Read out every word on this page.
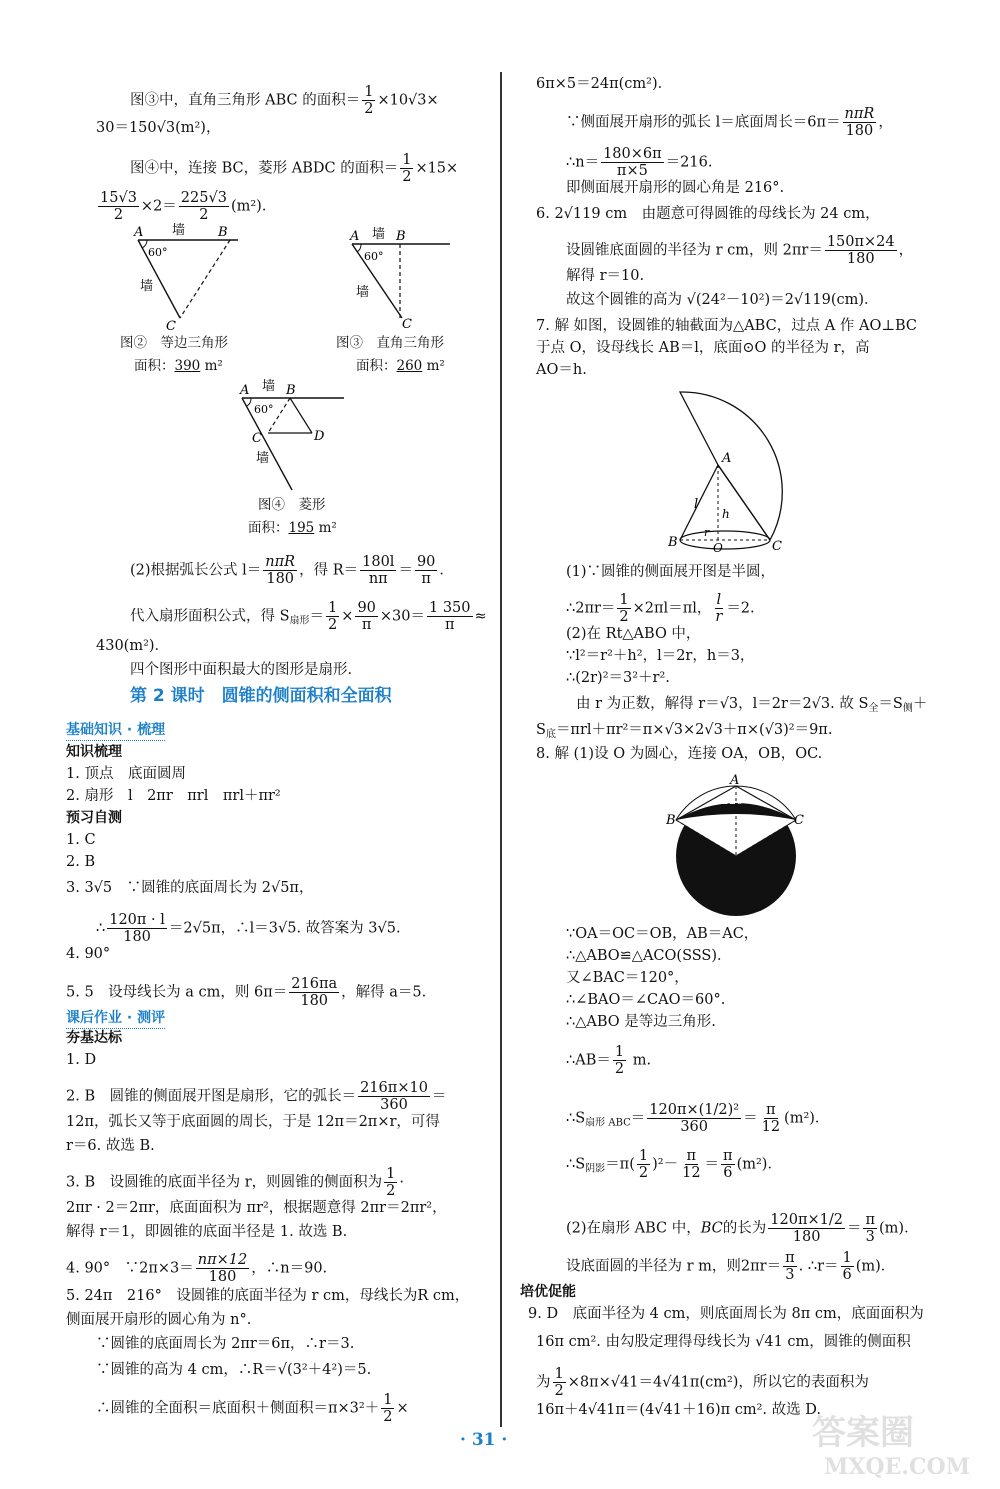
图③中，直角三角形 ABC 的面积＝ $\frac{1}{2} \times 10√3\times$
30＝150√3(m²)，
图④中，连接 BC，菱形 ABDC 的面积＝ $\frac{1}{2} \times 15\times$
$\frac{15√3}{2} \times 2= \frac{225√3}{2} (m^2)$．
A	B
墙
60°
墙
C
图②　等边三角形
面积：390 m²
A	B
墙
60°
墙
C
图③　直角三角形
面积：260 m²
A	B
墙
60°
C	D
墙
图④　菱形
面积：195 m²
(2)根据弧长公式 l＝
nπR
180
，得 $R= \frac{180l}{n\pi} = \frac{90}{\pi}$ ．
代入扇形面积公式，得 $S_{扇形}= \frac{1}{2} \times \frac{90}{\pi} \times 30= \frac{1 350}{\pi}$ ≈
430(m²)．
四个图形中面积最大的图形是扇形．
第 2 课时　圆锥的侧面积和全面积
基础知识 · 梳理
知识梳理
1. 顶点　底面圆周
2. 扇形　l　2πr　πrl　πrl＋πr²
预习自测
1. C
2. B
3. 3√5　∵圆锥的底面周长为 2√5π，
∴ $\frac{120\pi \cdot l}{180} =2√5\pi$，∴l＝3√5. 故答案为 3√5.
4. 90°
5. 5　设母线长为 a cm，则 $6\pi= \frac{216\pi a}{180}$ ，解得 a＝5.
课后作业 · 测评
夯基达标
1. D
2. B　圆锥的侧面展开图是扇形，它的弧长＝ $\frac{216\pi\times 10}{360}$ ＝
12π，弧长又等于底面圆的周长，于是 12π＝2π×r，可得
r＝6. 故选 B.
3. B　设圆锥的底面半径为 r，则圆锥的侧面积为 $\frac{1}{2}$ ·
2πr · 2＝2πr，底面面积为 πr²，根据题意得 2πr＝2πr²，
解得 r＝1，即圆锥的底面半径是 1. 故选 B.
4. 90°　∵2π×3＝ $\frac{n\pi\times 12}{180}$ ，∴n＝90.
5. 24π　216°　设圆锥的底面半径为 r cm，母线长为R cm，
侧面展开扇形的圆心角为 n°.
∵圆锥的底面周长为 2πr＝6π，∴r＝3.
∵圆锥的高为 4 cm，∴R＝√(3²＋4²)＝5.
∴圆锥的全面积＝底面积＋侧面积$=\pi\times 3^2+ \frac{1}{2}$ ×
6π×5＝24π(cm²)．
∵侧面展开扇形的弧长 l＝底面周长＝6π＝
nπR
180
，
∴n＝ $\frac{180\times 6\pi}{\pi\times 5} =216$.
即侧面展开扇形的圆心角是 216°.
6. 2√119 cm　由题意可得圆锥的母线长为 24 cm，
设圆锥底面圆的半径为 r cm，则 $2\pi r= \frac{150\pi\times 24}{180}$ ，
解得 r＝10.
故这个圆锥的高为 √(24²－10²)＝2√119(cm)．
7. 解 如图，设圆锥的轴截面为△ABC，过点 A 作 AO⊥BC
于点 O，设母线长 AB＝l，底面⊙O 的半径为 r，高
AO＝h.
A
l
h
r
O
B	C
(1)∵圆锥的侧面展开图是半圆，
∴2πr＝ $\frac{1}{2} \times 2\pi l=\pi l$， $\frac{l}{r} =2$.
(2)在 Rt△ABO 中，
∵l²＝r²＋h²，l＝2r，h＝3，
∴(2r)²＝3²＋r².
由 r 为正数，解得 r＝√3，l＝2r＝2√3. 故 $S_全=S_侧+$
$S_底=\pi rl+\pi r^2=\pi\times√3\times 2√3+\pi\times(√3)^2=9\pi$.
8. 解 (1)设 O 为圆心，连接 OA，OB，OC.
A
120°
B	C
∵OA＝OC＝OB，AB＝AC，
∴△ABO≌△ACO(SSS)．
又∠BAC＝120°，
∴∠BAO＝∠CAO＝60°.
∴△ABO 是等边三角形.
∴AB＝ $\frac{1}{2} m$.
$\therefore S_{扇形 ABC}= \frac{\text{120π×(1/2)²}}{360} = \frac{\pi}{12} (m^2)$．
$\therefore S_{阴影}=\pi( \frac{1}{2} )^2- \frac{\pi}{12} = \frac{\pi}{6} (m^2)$．
(2)在扇形 ABC 中，BC的长为 $\frac{120\pi\times 1/2}{180} = \frac{\pi}{3} (m)$．
设底面圆的半径为 r m，则$2\pi r= \frac{\pi}{3}$ . ∴r＝ $\frac{1}{6} (m)$．
培优促能
9. D　底面半径为 4 cm，则底面周长为 8π cm，底面面积为
16π cm². 由勾股定理得母线长为 √41 cm，圆锥的侧面积
为 $\frac{1}{2} \times 8\pi\times√41=4√41\pi(cm^2)$，所以它的表面积为
16π＋4√41π＝(4√41＋16)π cm². 故选 D.
· 31 ·	答案圈
MXQE.COM
